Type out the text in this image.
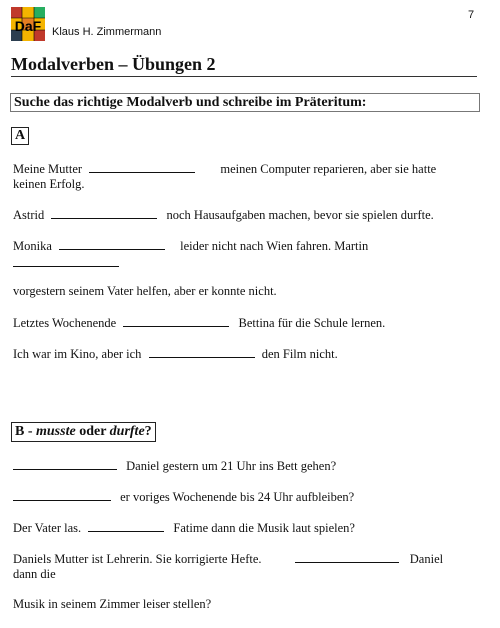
DaF Klaus H. Zimmermann
7
Modalverben – Übungen 2
Suche das richtige Modalverb und schreibe im Präteritum:
A
Meine Mutter	meinen Computer reparieren, aber sie hatte
keinen Erfolg.
Astrid	noch Hausaufgaben machen, bevor sie spielen durfte.
Monika	leider nicht nach Wien fahren. Martin
vorgestern seinem Vater helfen, aber er konnte nicht.
Letztes Wochenende	Bettina für die Schule lernen.
Ich war im Kino, aber ich	den Film nicht.
B - musste oder durfte?
Daniel gestern um 21 Uhr ins Bett gehen?
er voriges Wochenende bis 24 Uhr aufbleiben?
Der Vater las.	Fatime dann die Musik laut spielen?
Daniels Mutter ist Lehrerin. Sie korrigierte Hefte.	Daniel
dann die
Musik in seinem Zimmer leiser stellen?
